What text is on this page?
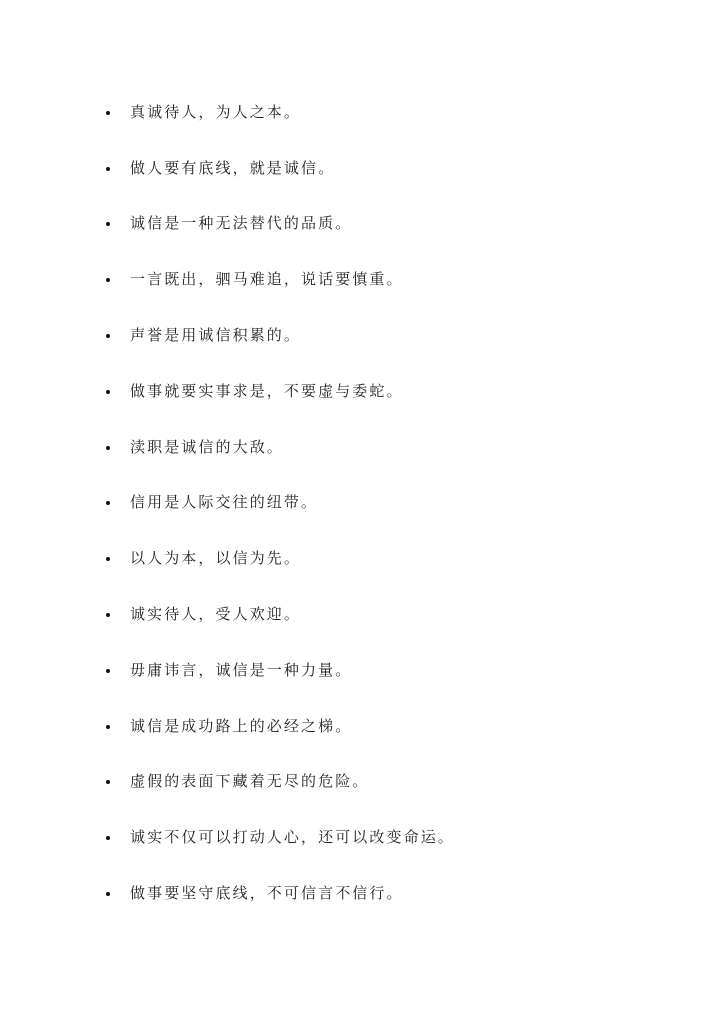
真诚待人，为人之本。
做人要有底线，就是诚信。
诚信是一种无法替代的品质。
一言既出，驷马难追，说话要慎重。
声誉是用诚信积累的。
做事就要实事求是，不要虚与委蛇。
渎职是诚信的大敌。
信用是人际交往的纽带。
以人为本，以信为先。
诚实待人，受人欢迎。
毋庸讳言，诚信是一种力量。
诚信是成功路上的必经之梯。
虚假的表面下藏着无尽的危险。
诚实不仅可以打动人心，还可以改变命运。
做事要坚守底线，不可信言不信行。
